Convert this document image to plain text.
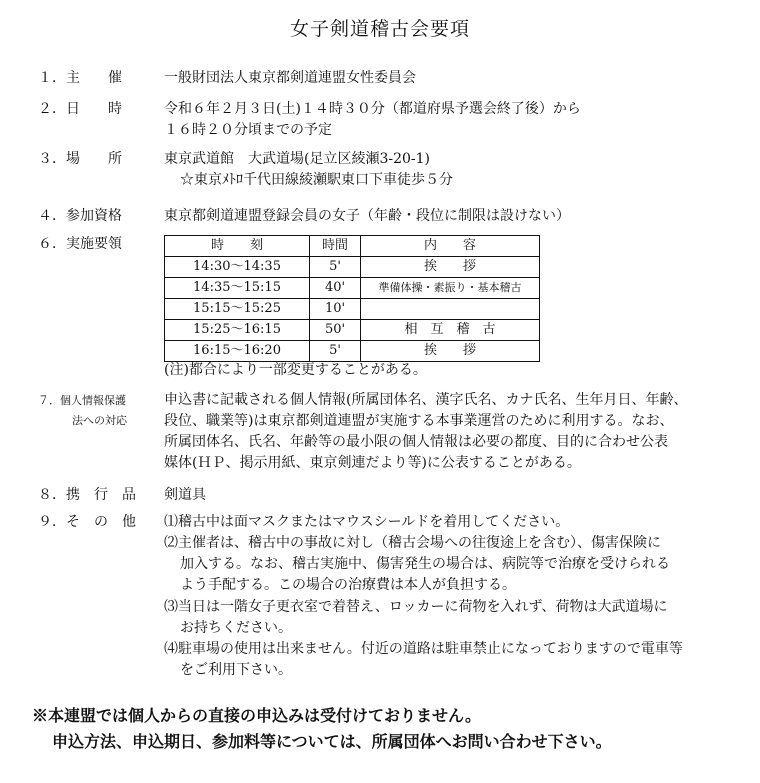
女子剣道稽古会要項
１．主　　催	一般財団法人東京都剣道連盟女性委員会
２．日　　時	令和６年２月３日(土)１４時３０分（都道府県予選会終了後）から
１６時２０分頃までの予定
３．場　　所	東京武道館　大武道場(足立区綾瀬3-20-1)
☆東京ﾒﾄﾛ千代田線綾瀬駅東口下車徒歩５分
４．参加資格	東京都剣道連盟登録会員の女子（年齢・段位に制限は設けない）
６．実施要領	時　　刻	時間	内　　容
14:30～14:35	5'	挨　　拶
14:35～15:15	40'	準備体操・素振り・基本稽古
15:15～15:25	10'	
15:25～16:15	50'	相　互　稽　古
16:15～16:20	5'	挨　　拶
(注)都合により一部変更することがある。
７．個人情報保護
法への対応
申込書に記載される個人情報(所属団体名、漢字氏名、カナ氏名、生年月日、年齢、
段位、職業等)は東京都剣道連盟が実施する本事業運営のために利用する。なお、
所属団体名、氏名、年齢等の最小限の個人情報は必要の都度、目的に合わせ公表
媒体(ＨＰ、掲示用紙、東京剣連だより等)に公表することがある。
８．携　行　品 剣道具
９．そ　の　他 ⑴稽古中は面マスクまたはマウスシールドを着用してください。
⑵主催者は、稽古中の事故に対し（稽古会場への往復途上を含む）、傷害保険に
加入する。なお、稽古実施中、傷害発生の場合は、病院等で治療を受けられる
よう手配する。この場合の治療費は本人が負担する。
⑶当日は一階女子更衣室で着替え、ロッカーに荷物を入れず、荷物は大武道場に
お持ちください。
⑷駐車場の使用は出来ません。付近の道路は駐車禁止になっておりますので電車等
をご利用下さい。
※本連盟では個人からの直接の申込みは受付けておりません。
申込方法、申込期日、参加料等については、所属団体へお問い合わせ下さい。
